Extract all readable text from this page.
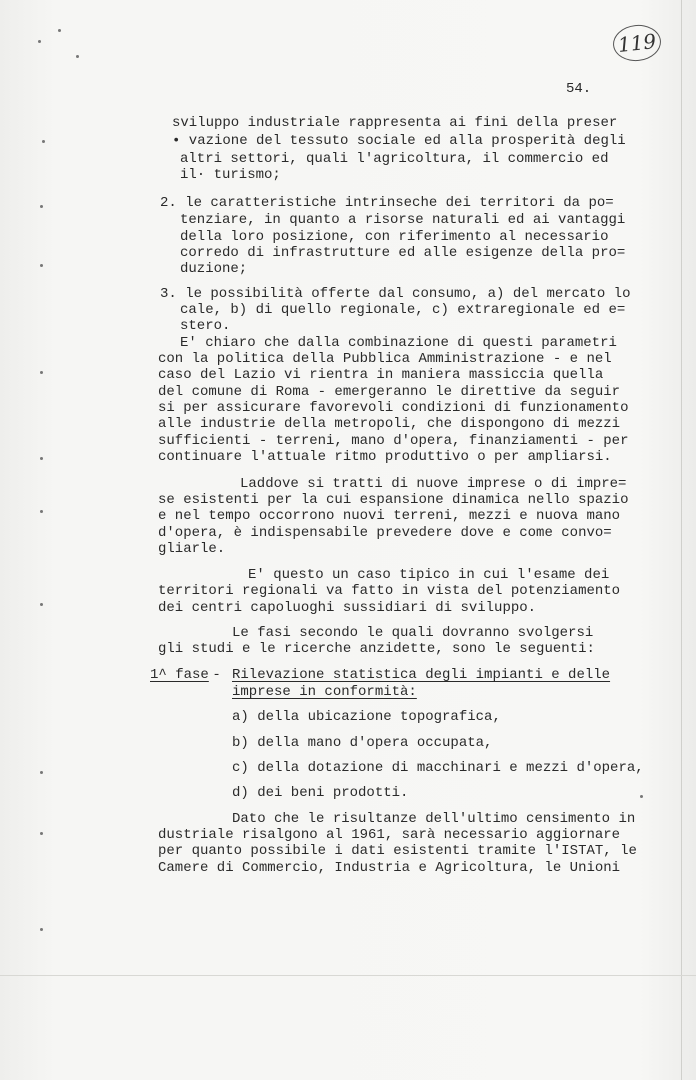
119
54.
sviluppo industriale rappresenta ai fini della preser
• vazione del tessuto sociale ed alla prosperità degli
altri settori, quali l'agricoltura, il commercio ed
il· turismo;
2. le caratteristiche intrinseche dei territori da po=
tenziare, in quanto a risorse naturali ed ai vantaggi
della loro posizione, con riferimento al necessario
corredo di infrastrutture ed alle esigenze della pro=
duzione;
3. le possibilità offerte dal consumo, a) del mercato lo
cale, b) di quello regionale, c) extraregionale ed e=
stero.
E' chiaro che dalla combinazione di questi parametri
con la politica della Pubblica Amministrazione - e nel
caso del Lazio vi rientra in maniera massiccia quella
del comune di Roma - emergeranno le direttive da seguir
si per assicurare favorevoli condizioni di funzionamento
alle industrie della metropoli, che dispongono di mezzi
sufficienti - terreni, mano d'opera, finanziamenti - per
continuare l'attuale ritmo produttivo o per ampliarsi.
Laddove si tratti di nuove imprese o di impre=
se esistenti per la cui espansione dinamica nello spazio
e nel tempo occorrono nuovi terreni, mezzi e nuova mano
d'opera, è indispensabile prevedere dove e come convo=
gliarle.
E' questo un caso tipico in cui l'esame dei
territori regionali va fatto in vista del potenziamento
dei centri capoluoghi sussidiari di sviluppo.
Le fasi secondo le quali dovranno svolgersi
gli studi e le ricerche anzidette, sono le seguenti:
1^ fase
- Rilevazione statistica degli impianti e delle
imprese in conformità:
a) della ubicazione topografica,
b) della mano d'opera occupata,
c) della dotazione di macchinari e mezzi d'opera,
d) dei beni prodotti.
Dato che le risultanze dell'ultimo censimento in
dustriale risalgono al 1961, sarà necessario aggiornare
per quanto possibile i dati esistenti tramite l'ISTAT, le
Camere di Commercio, Industria e Agricoltura, le Unioni
